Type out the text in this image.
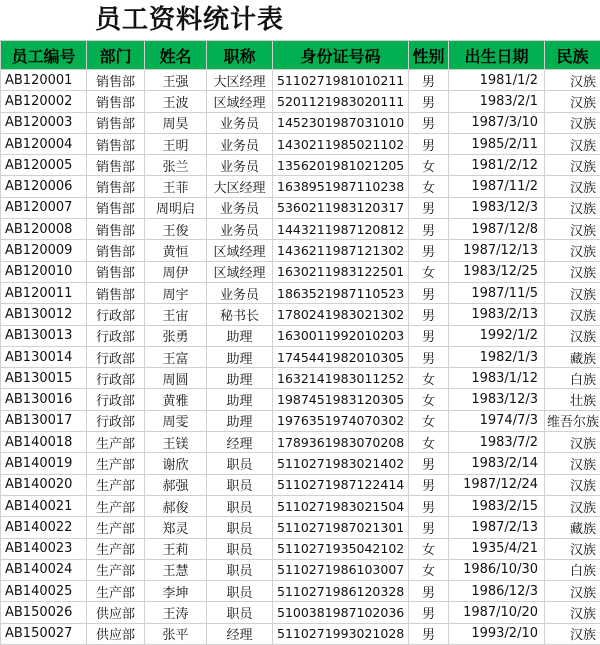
员工资料统计表
员工编号	部门	姓名	职称	身份证号码	性别	出生日期	民族
AB120001	销售部	王强	大区经理	5110271981010211	男	1981/1/2	汉族
AB120002	销售部	王波	区域经理	5201121983020111	男	1983/2/1	汉族
AB120003	销售部	周昊	业务员	1452301987031010	男	1987/3/10	汉族
AB120004	销售部	王明	业务员	1430211985021102	男	1985/2/11	汉族
AB120005	销售部	张兰	业务员	1356201981021205	女	1981/2/12	汉族
AB120006	销售部	王菲	大区经理	1638951987110238	女	1987/11/2	汉族
AB120007	销售部	周明启	业务员	5360211983120317	男	1983/12/3	汉族
AB120008	销售部	王俊	业务员	1443211987120812	男	1987/12/8	汉族
AB120009	销售部	黄恒	区域经理	1436211987121302	男	1987/12/13	汉族
AB120010	销售部	周伊	区域经理	1630211983122501	女	1983/12/25	汉族
AB120011	销售部	周宇	业务员	1863521987110523	男	1987/11/5	汉族
AB130012	行政部	王宙	秘书长	1780241983021302	男	1983/2/13	汉族
AB130013	行政部	张勇	助理	1630011992010203	男	1992/1/2	汉族
AB130014	行政部	王富	助理	1745441982010305	男	1982/1/3	藏族
AB130015	行政部	周圆	助理	1632141983011252	女	1983/1/12	白族
AB130016	行政部	黄雅	助理	1987451983120305	女	1983/12/3	壮族
AB130017	行政部	周雯	助理	1976351974070302	女	1974/7/3	维吾尔族
AB140018	生产部	王镁	经理	1789361983070208	女	1983/7/2	汉族
AB140019	生产部	谢欣	职员	5110271983021402	男	1983/2/14	汉族
AB140020	生产部	郝强	职员	5110271987122414	男	1987/12/24	汉族
AB140021	生产部	郝俊	职员	5110271983021504	男	1983/2/15	汉族
AB140022	生产部	郑灵	职员	5110271987021301	男	1987/2/13	藏族
AB140023	生产部	王莉	职员	5110271935042102	女	1935/4/21	汉族
AB140024	生产部	王慧	职员	5110271986103007	女	1986/10/30	白族
AB140025	生产部	李坤	职员	5110271986120328	男	1986/12/3	汉族
AB150026	供应部	王涛	职员	5100381987102036	男	1987/10/20	汉族
AB150027	供应部	张平	经理	5110271993021028	男	1993/2/10	汉族
